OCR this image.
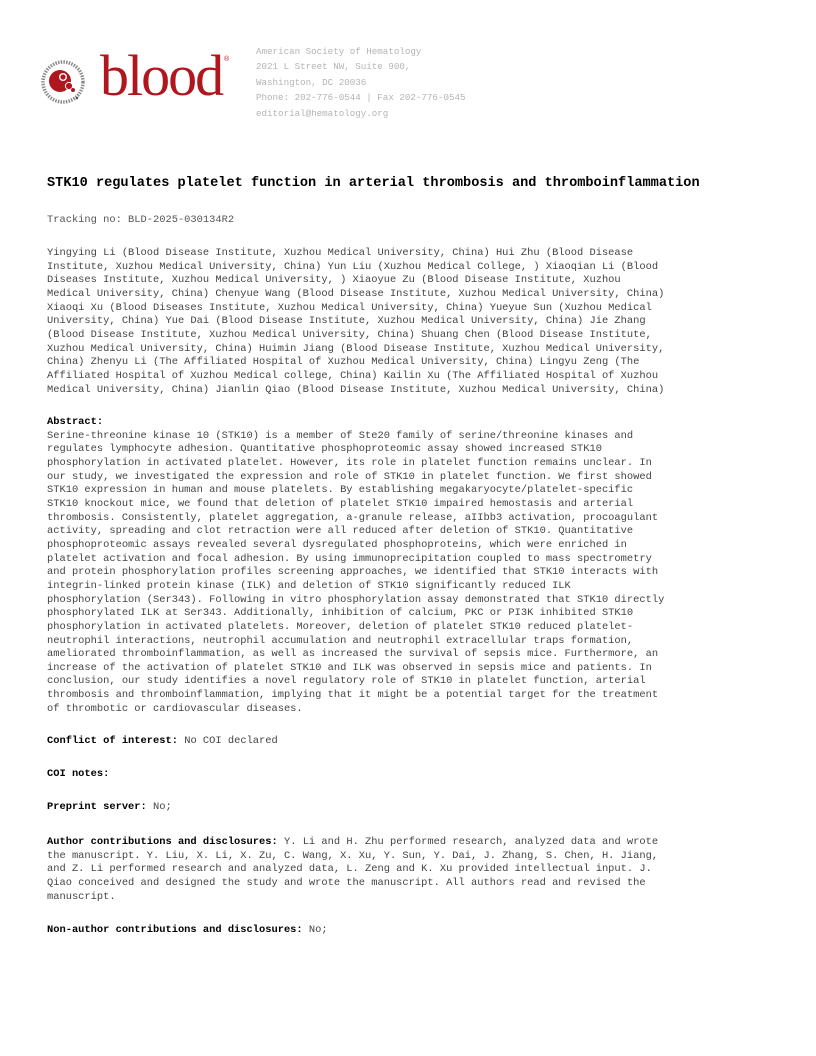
blood ®
American Society of Hematology
2021 L Street NW, Suite 900,
Washington, DC 20036
Phone: 202-776-0544 | Fax 202-776-0545
editorial@hematology.org
STK10 regulates platelet function in arterial thrombosis and thromboinflammation
Tracking no: BLD-2025-030134R2
Yingying Li (Blood Disease Institute, Xuzhou Medical University, China) Hui Zhu (Blood Disease
Institute, Xuzhou Medical University, China) Yun Liu (Xuzhou Medical College, ) Xiaoqian Li (Blood
Diseases Institute, Xuzhou Medical University, ) Xiaoyue Zu (Blood Disease Institute, Xuzhou
Medical University, China) Chenyue Wang (Blood Disease Institute, Xuzhou Medical University, China)
Xiaoqi Xu (Blood Diseases Institute, Xuzhou Medical University, China) Yueyue Sun (Xuzhou Medical
University, China) Yue Dai (Blood Disease Institute, Xuzhou Medical University, China) Jie Zhang
(Blood Disease Institute, Xuzhou Medical University, China) Shuang Chen (Blood Disease Institute,
Xuzhou Medical University, China) Huimin Jiang (Blood Disease Institute, Xuzhou Medical University,
China) Zhenyu Li (The Affiliated Hospital of Xuzhou Medical University, China) Lingyu Zeng (The
Affiliated Hospital of Xuzhou Medical college, China) Kailin Xu (The Affiliated Hospital of Xuzhou
Medical University, China) Jianlin Qiao (Blood Disease Institute, Xuzhou Medical University, China)
Abstract:
Serine-threonine kinase 10 (STK10) is a member of Ste20 family of serine/threonine kinases and
regulates lymphocyte adhesion. Quantitative phosphoproteomic assay showed increased STK10
phosphorylation in activated platelet. However, its role in platelet function remains unclear. In
our study, we investigated the expression and role of STK10 in platelet function. We first showed
STK10 expression in human and mouse platelets. By establishing megakaryocyte/platelet-specific
STK10 knockout mice, we found that deletion of platelet STK10 impaired hemostasis and arterial
thrombosis. Consistently, platelet aggregation, a-granule release, aIIbb3 activation, procoagulant
activity, spreading and clot retraction were all reduced after deletion of STK10. Quantitative
phosphoproteomic assays revealed several dysregulated phosphoproteins, which were enriched in
platelet activation and focal adhesion. By using immunoprecipitation coupled to mass spectrometry
and protein phosphorylation profiles screening approaches, we identified that STK10 interacts with
integrin-linked protein kinase (ILK) and deletion of STK10 significantly reduced ILK
phosphorylation (Ser343). Following in vitro phosphorylation assay demonstrated that STK10 directly
phosphorylated ILK at Ser343. Additionally, inhibition of calcium, PKC or PI3K inhibited STK10
phosphorylation in activated platelets. Moreover, deletion of platelet STK10 reduced platelet-
neutrophil interactions, neutrophil accumulation and neutrophil extracellular traps formation,
ameliorated thromboinflammation, as well as increased the survival of sepsis mice. Furthermore, an
increase of the activation of platelet STK10 and ILK was observed in sepsis mice and patients. In
conclusion, our study identifies a novel regulatory role of STK10 in platelet function, arterial
thrombosis and thromboinflammation, implying that it might be a potential target for the treatment
of thrombotic or cardiovascular diseases.
Conflict of interest: No COI declared
COI notes:
Preprint server: No;
Author contributions and disclosures: Y. Li and H. Zhu performed research, analyzed data and wrote
the manuscript. Y. Liu, X. Li, X. Zu, C. Wang, X. Xu, Y. Sun, Y. Dai, J. Zhang, S. Chen, H. Jiang,
and Z. Li performed research and analyzed data, L. Zeng and K. Xu provided intellectual input. J.
Qiao conceived and designed the study and wrote the manuscript. All authors read and revised the
manuscript.
Non-author contributions and disclosures: No;
